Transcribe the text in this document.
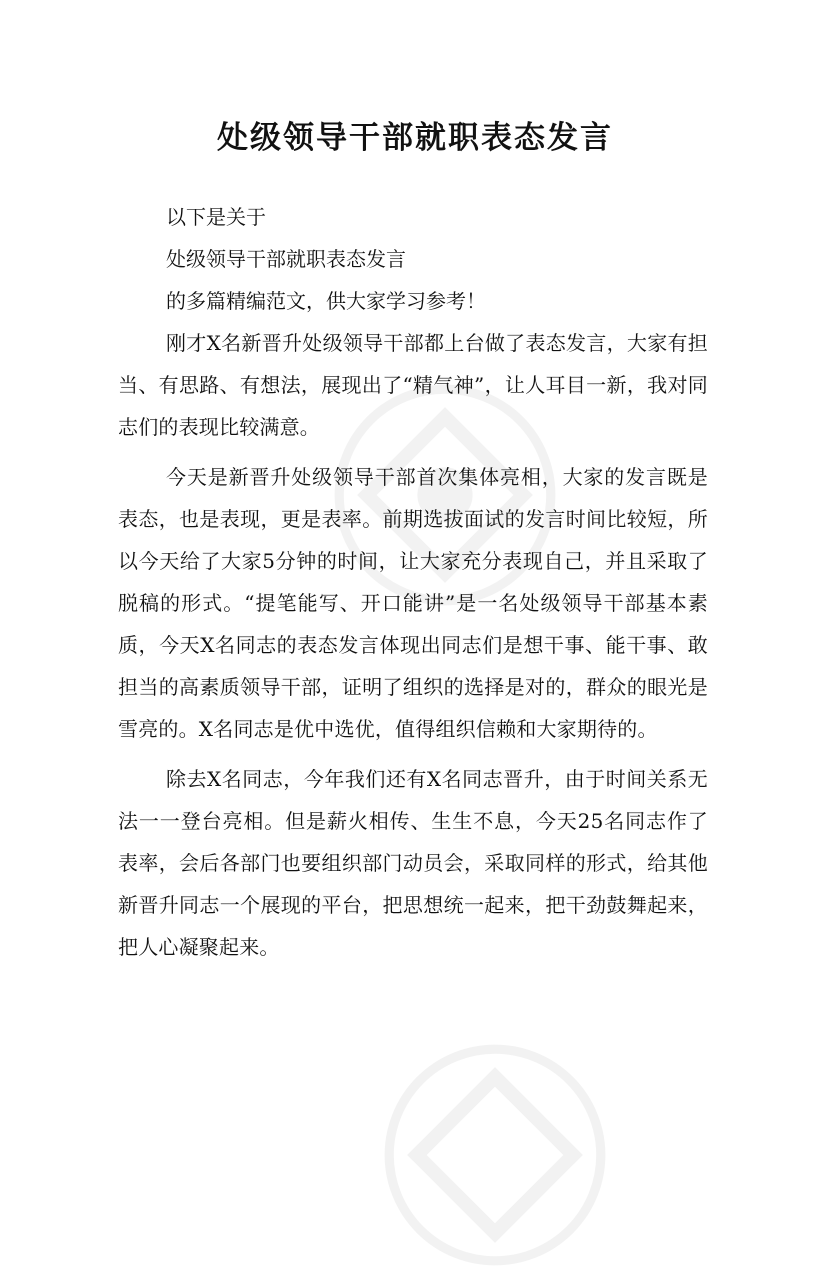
处级领导干部就职表态发言

以下是关于

处级领导干部就职表态发言

的多篇精编范文，供大家学习参考！

刚才X名新晋升处级领导干部都上台做了表态发言，大家有担当、有思路、有想法，展现出了“精气神”，让人耳目一新，我对同志们的表现比较满意。

今天是新晋升处级领导干部首次集体亮相，大家的发言既是表态，也是表现，更是表率。前期选拔面试的发言时间比较短，所以今天给了大家5分钟的时间，让大家充分表现自己，并且采取了脱稿的形式。“提笔能写、开口能讲”是一名处级领导干部基本素质，今天X名同志的表态发言体现出同志们是想干事、能干事、敢担当的高素质领导干部，证明了组织的选择是对的，群众的眼光是雪亮的。X名同志是优中选优，值得组织信赖和大家期待的。

除去X名同志，今年我们还有X名同志晋升，由于时间关系无法一一登台亮相。但是薪火相传、生生不息，今天25名同志作了表率，会后各部门也要组织部门动员会，采取同样的形式，给其他新晋升同志一个展现的平台，把思想统一起来，把干劲鼓舞起来，把人心凝聚起来。
